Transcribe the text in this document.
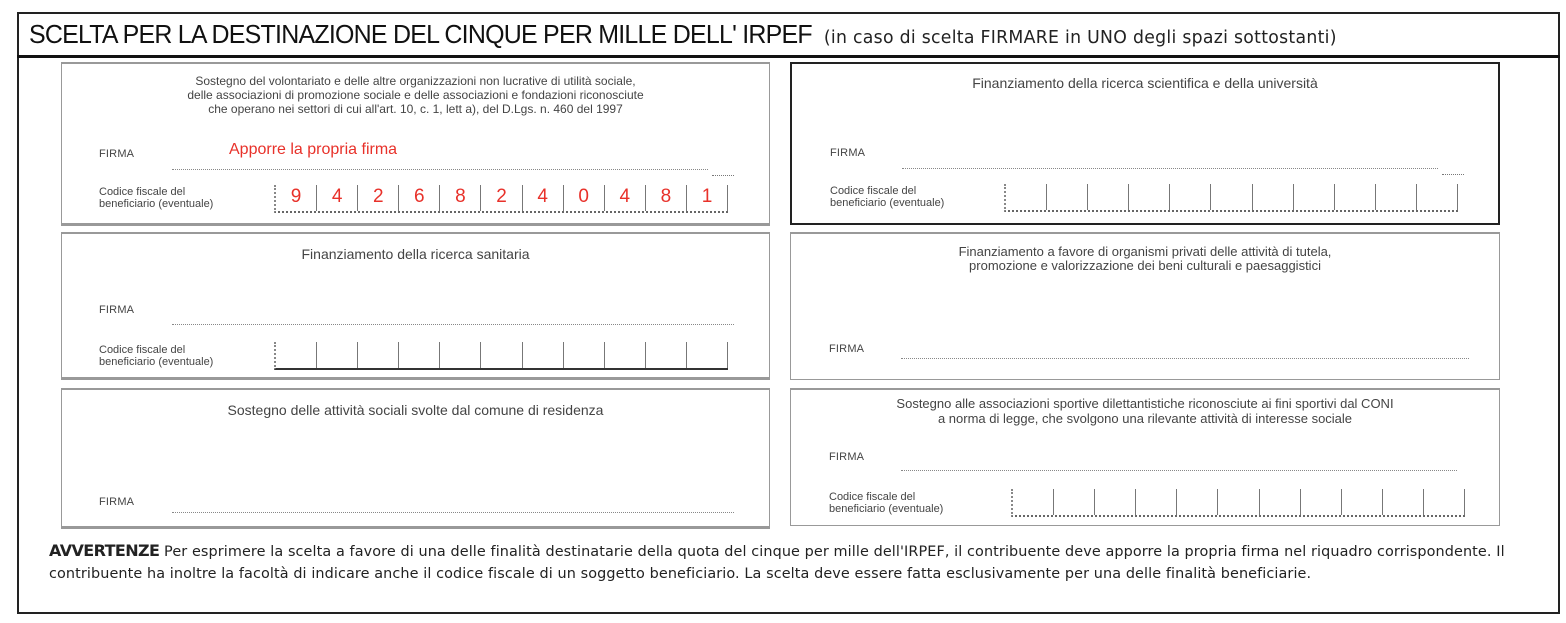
SCELTA PER LA DESTINAZIONE DEL CINQUE PER MILLE DELL' IRPEF (in caso di scelta FIRMARE in UNO degli spazi sottostanti)
Sostegno del volontariato e delle altre organizzazioni non lucrative di utilità sociale,
delle associazioni di promozione sociale e delle associazioni e fondazioni riconosciute
che operano nei settori di cui all'art. 10, c. 1, lett a), del D.Lgs. n. 460 del 1997
FIRMA	Apporre la propria firma
Codice fiscale del
beneficiario (eventuale)	9	4	2	6	8	2	4	0	4	8	1
Finanziamento della ricerca scientifica e della università
FIRMA
Codice fiscale del
beneficiario (eventuale)
Finanziamento della ricerca sanitaria
FIRMA
Codice fiscale del
beneficiario (eventuale)
Finanziamento a favore di organismi privati delle attività di tutela,
promozione e valorizzazione dei beni culturali e paesaggistici
FIRMA
Sostegno delle attività sociali svolte dal comune di residenza
FIRMA
Sostegno alle associazioni sportive dilettantistiche riconosciute ai fini sportivi dal CONI
a norma di legge, che svolgono una rilevante attività di interesse sociale
FIRMA
Codice fiscale del
beneficiario (eventuale)
AVVERTENZE Per esprimere la scelta a favore di una delle finalità destinatarie della quota del cinque per mille dell'IRPEF, il contribuente deve apporre la propria firma nel riquadro corrispondente. Il contribuente ha inoltre la facoltà di indicare anche il codice fiscale di un soggetto beneficiario. La scelta deve essere fatta esclusivamente per una delle finalità beneficiarie.
